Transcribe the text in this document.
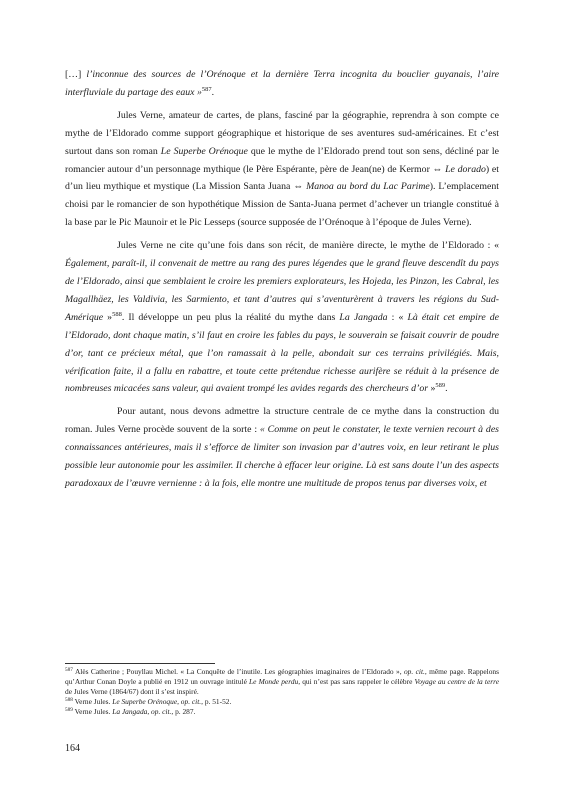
[…] l’inconnue des sources de l’Orénoque et la dernière Terra incognita du bouclier guyanais, l’aire interfluviale du partage des eaux »$^{587}$.

Jules Verne, amateur de cartes, de plans, fasciné par la géographie, reprendra à son compte ce mythe de l’Eldorado comme support géographique et historique de ses aventures sud-américaines. Et c’est surtout dans son roman Le Superbe Orénoque que le mythe de l’Eldorado prend tout son sens, décliné par le romancier autour d’un personnage mythique (le Père Espérante, père de Jean(ne) de Kermor ⇔ Le dorado) et d’un lieu mythique et mystique (La Mission Santa Juana ⇔ Manoa au bord du Lac Parime). L’emplacement choisi par le romancier de son hypothétique Mission de Santa-Juana permet d’achever un triangle constitué à la base par le Pic Maunoir et le Pic Lesseps (source supposée de l’Orénoque à l’époque de Jules Verne).

Jules Verne ne cite qu’une fois dans son récit, de manière directe, le mythe de l’Eldorado : « Également, paraît-il, il convenait de mettre au rang des pures légendes que le grand fleuve descendît du pays de l’Eldorado, ainsi que semblaient le croire les premiers explorateurs, les Hojeda, les Pinzon, les Cabral, les Magallhäez, les Valdivia, les Sarmiento, et tant d’autres qui s’aventurèrent à travers les régions du Sud-Amérique »$^{588}$. Il développe un peu plus la réalité du mythe dans La Jangada : « Là était cet empire de l’Eldorado, dont chaque matin, s’il faut en croire les fables du pays, le souverain se faisait couvrir de poudre d’or, tant ce précieux métal, que l’on ramassait à la pelle, abondait sur ces terrains privilégiés. Mais, vérification faite, il a fallu en rabattre, et toute cette prétendue richesse aurifère se réduit à la présence de nombreuses micacées sans valeur, qui avaient trompé les avides regards des chercheurs d’or »$^{589}$.

Pour autant, nous devons admettre la structure centrale de ce mythe dans la construction du roman. Jules Verne procède souvent de la sorte : « Comme on peut le constater, le texte vernien recourt à des connaissances antérieures, mais il s’efforce de limiter son invasion par d’autres voix, en leur retirant le plus possible leur autonomie pour les assimiler. Il cherche à effacer leur origine. Là est sans doute l’un des aspects paradoxaux de l’œuvre vernienne : à la fois, elle montre une multitude de propos tenus par diverses voix, et

$^{587}$ Alès Catherine ; Pouyllau Michel. « La Conquête de l’inutile. Les géographies imaginaires de l’Eldorado », op. cit., même page. Rappelons qu’Arthur Conan Doyle a publié en 1912 un ouvrage intitulé Le Monde perdu, qui n’est pas sans rappeler le célèbre Voyage au centre de la terre de Jules Verne (1864/67) dont il s’est inspiré.

$^{588}$ Verne Jules. Le Superbe Orénoque, op. cit., p. 51-52.

$^{589}$ Verne Jules. La Jangada, op. cit., p. 287.

164
